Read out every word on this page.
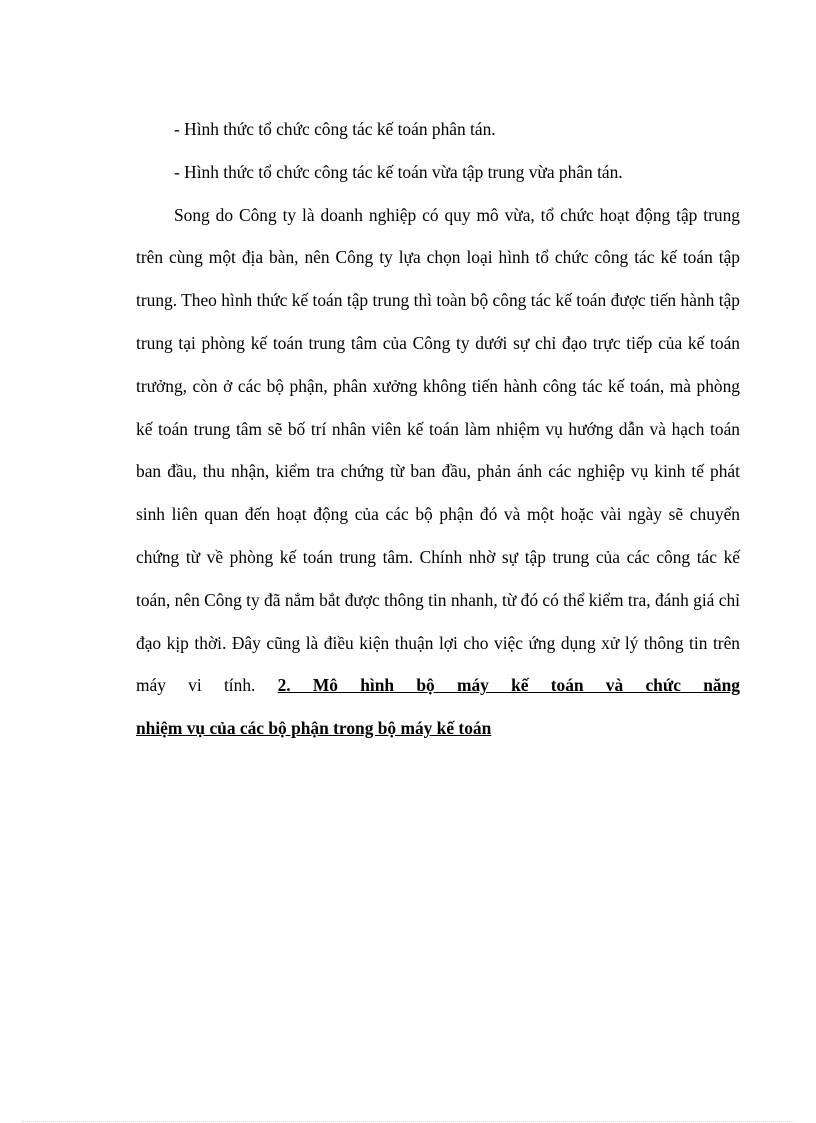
- Hình thức tổ chức công tác kế toán phân tán.

- Hình thức tổ chức công tác kế toán vừa tập trung vừa phân tán.

Song do Công ty là doanh nghiệp có quy mô vừa, tổ chức hoạt động tập trung trên cùng một địa bàn, nên Công ty lựa chọn loại hình tổ chức công tác kế toán tập trung. Theo hình thức kế toán tập trung thì toàn bộ công tác kế toán được tiến hành tập trung tại phòng kế toán trung tâm của Công ty dưới sự chỉ đạo trực tiếp của kế toán trưởng, còn ở các bộ phận, phân xưởng không tiến hành công tác kế toán, mà phòng kế toán trung tâm sẽ bố trí nhân viên kế toán làm nhiệm vụ hướng dẫn và hạch toán ban đầu, thu nhận, kiểm tra chứng từ ban đầu, phản ánh các nghiệp vụ kinh tế phát sinh liên quan đến hoạt động của các bộ phận đó và một hoặc vài ngày sẽ chuyển chứng từ về phòng kế toán trung tâm. Chính nhờ sự tập trung của các công tác kế toán, nên Công ty đã nắm bắt được thông tin nhanh, từ đó có thể kiểm tra, đánh giá chỉ đạo kịp thời. Đây cũng là điều kiện thuận lợi cho việc ứng dụng xử lý thông tin trên máy vi tính. 2. Mô hình bộ máy kế toán và chức năng

nhiệm vụ của các bộ phận trong bộ máy kế toán
